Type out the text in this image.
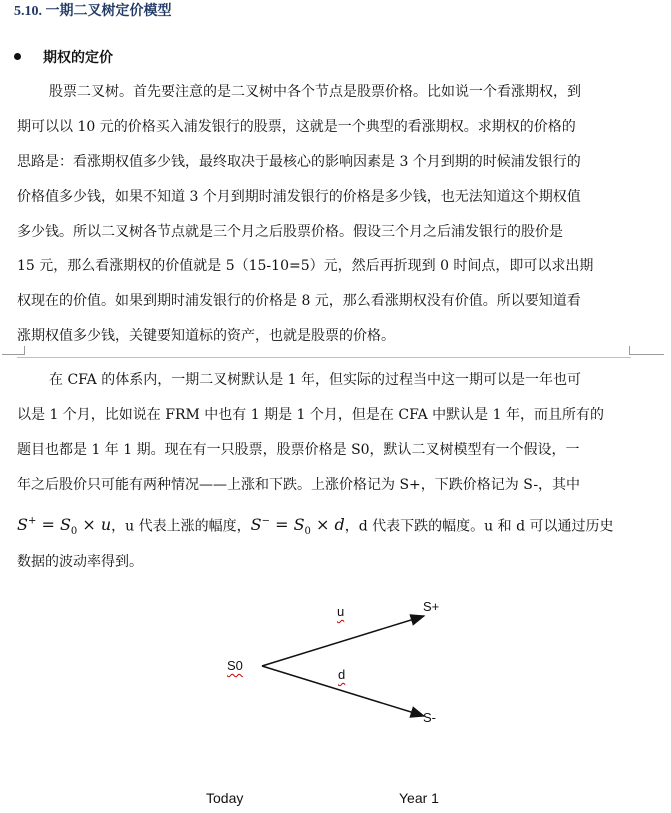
5.10. 一期二叉树定价模型
期权的定价
股票二叉树。首先要注意的是二叉树中各个节点是股票价格。比如说一个看涨期权，到
期可以以 10 元的价格买入浦发银行的股票，这就是一个典型的看涨期权。求期权的价格的
思路是：看涨期权值多少钱，最终取决于最核心的影响因素是 3 个月到期的时候浦发银行的
价格值多少钱，如果不知道 3 个月到期时浦发银行的价格是多少钱，也无法知道这个期权值
多少钱。所以二叉树各节点就是三个月之后股票价格。假设三个月之后浦发银行的股价是
15 元，那么看涨期权的价值就是 5（15-10=5）元，然后再折现到 0 时间点，即可以求出期
权现在的价值。如果到期时浦发银行的价格是 8 元，那么看涨期权没有价值。所以要知道看
涨期权值多少钱，关键要知道标的资产，也就是股票的价格。
在 CFA 的体系内，一期二叉树默认是 1 年，但实际的过程当中这一期可以是一年也可
以是 1 个月，比如说在 FRM 中也有 1 期是 1 个月，但是在 CFA 中默认是 1 年，而且所有的
题目也都是 1 年 1 期。现在有一只股票，股票价格是 S0，默认二叉树模型有一个假设，一
年之后股价只可能有两种情况——上涨和下跌。上涨价格记为 S+，下跌价格记为 S-，其中
$S^+ = S_0 \times u$，u 代表上涨的幅度，$S^- = S_0 \times d$，d 代表下跌的幅度。u 和 d 可以通过历史
数据的波动率得到。
S0
u
d
S+
S-
Today	Year 1
